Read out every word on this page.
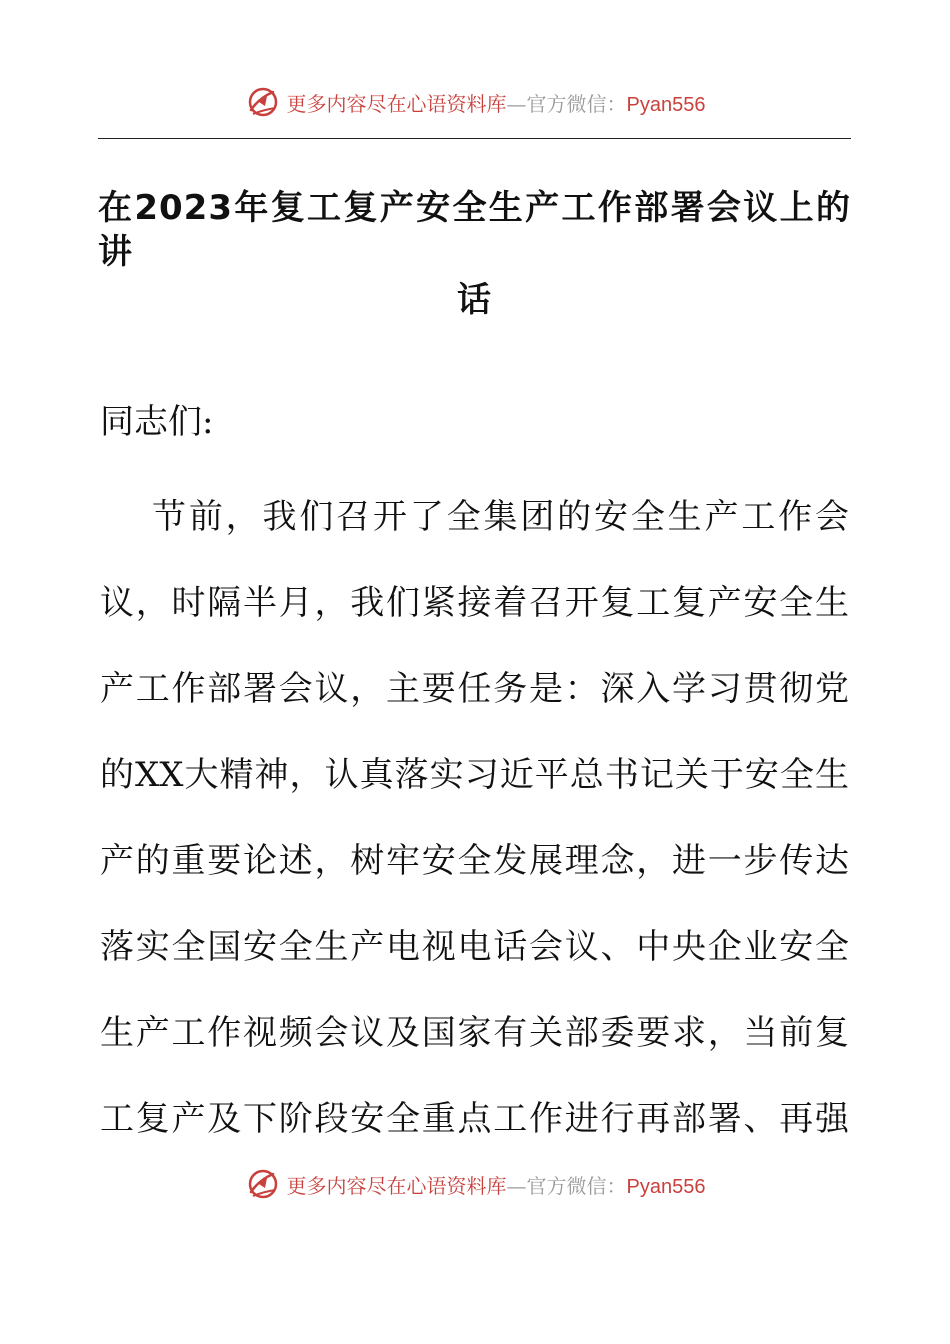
更多内容尽在心语资料库—官方微信：Pyan556
在2023年复工复产安全生产工作部署会议上的讲
话

同志们:

节前，我们召开了全集团的安全生产工作会
议，时隔半月，我们紧接着召开复工复产安全生
产工作部署会议，主要任务是：深入学习贯彻党
的XX大精神，认真落实习近平总书记关于安全生
产的重要论述，树牢安全发展理念，进一步传达
落实全国安全生产电视电话会议、中央企业安全
生产工作视频会议及国家有关部委要求，当前复
工复产及下阶段安全重点工作进行再部署、再强
更多内容尽在心语资料库—官方微信：Pyan556
